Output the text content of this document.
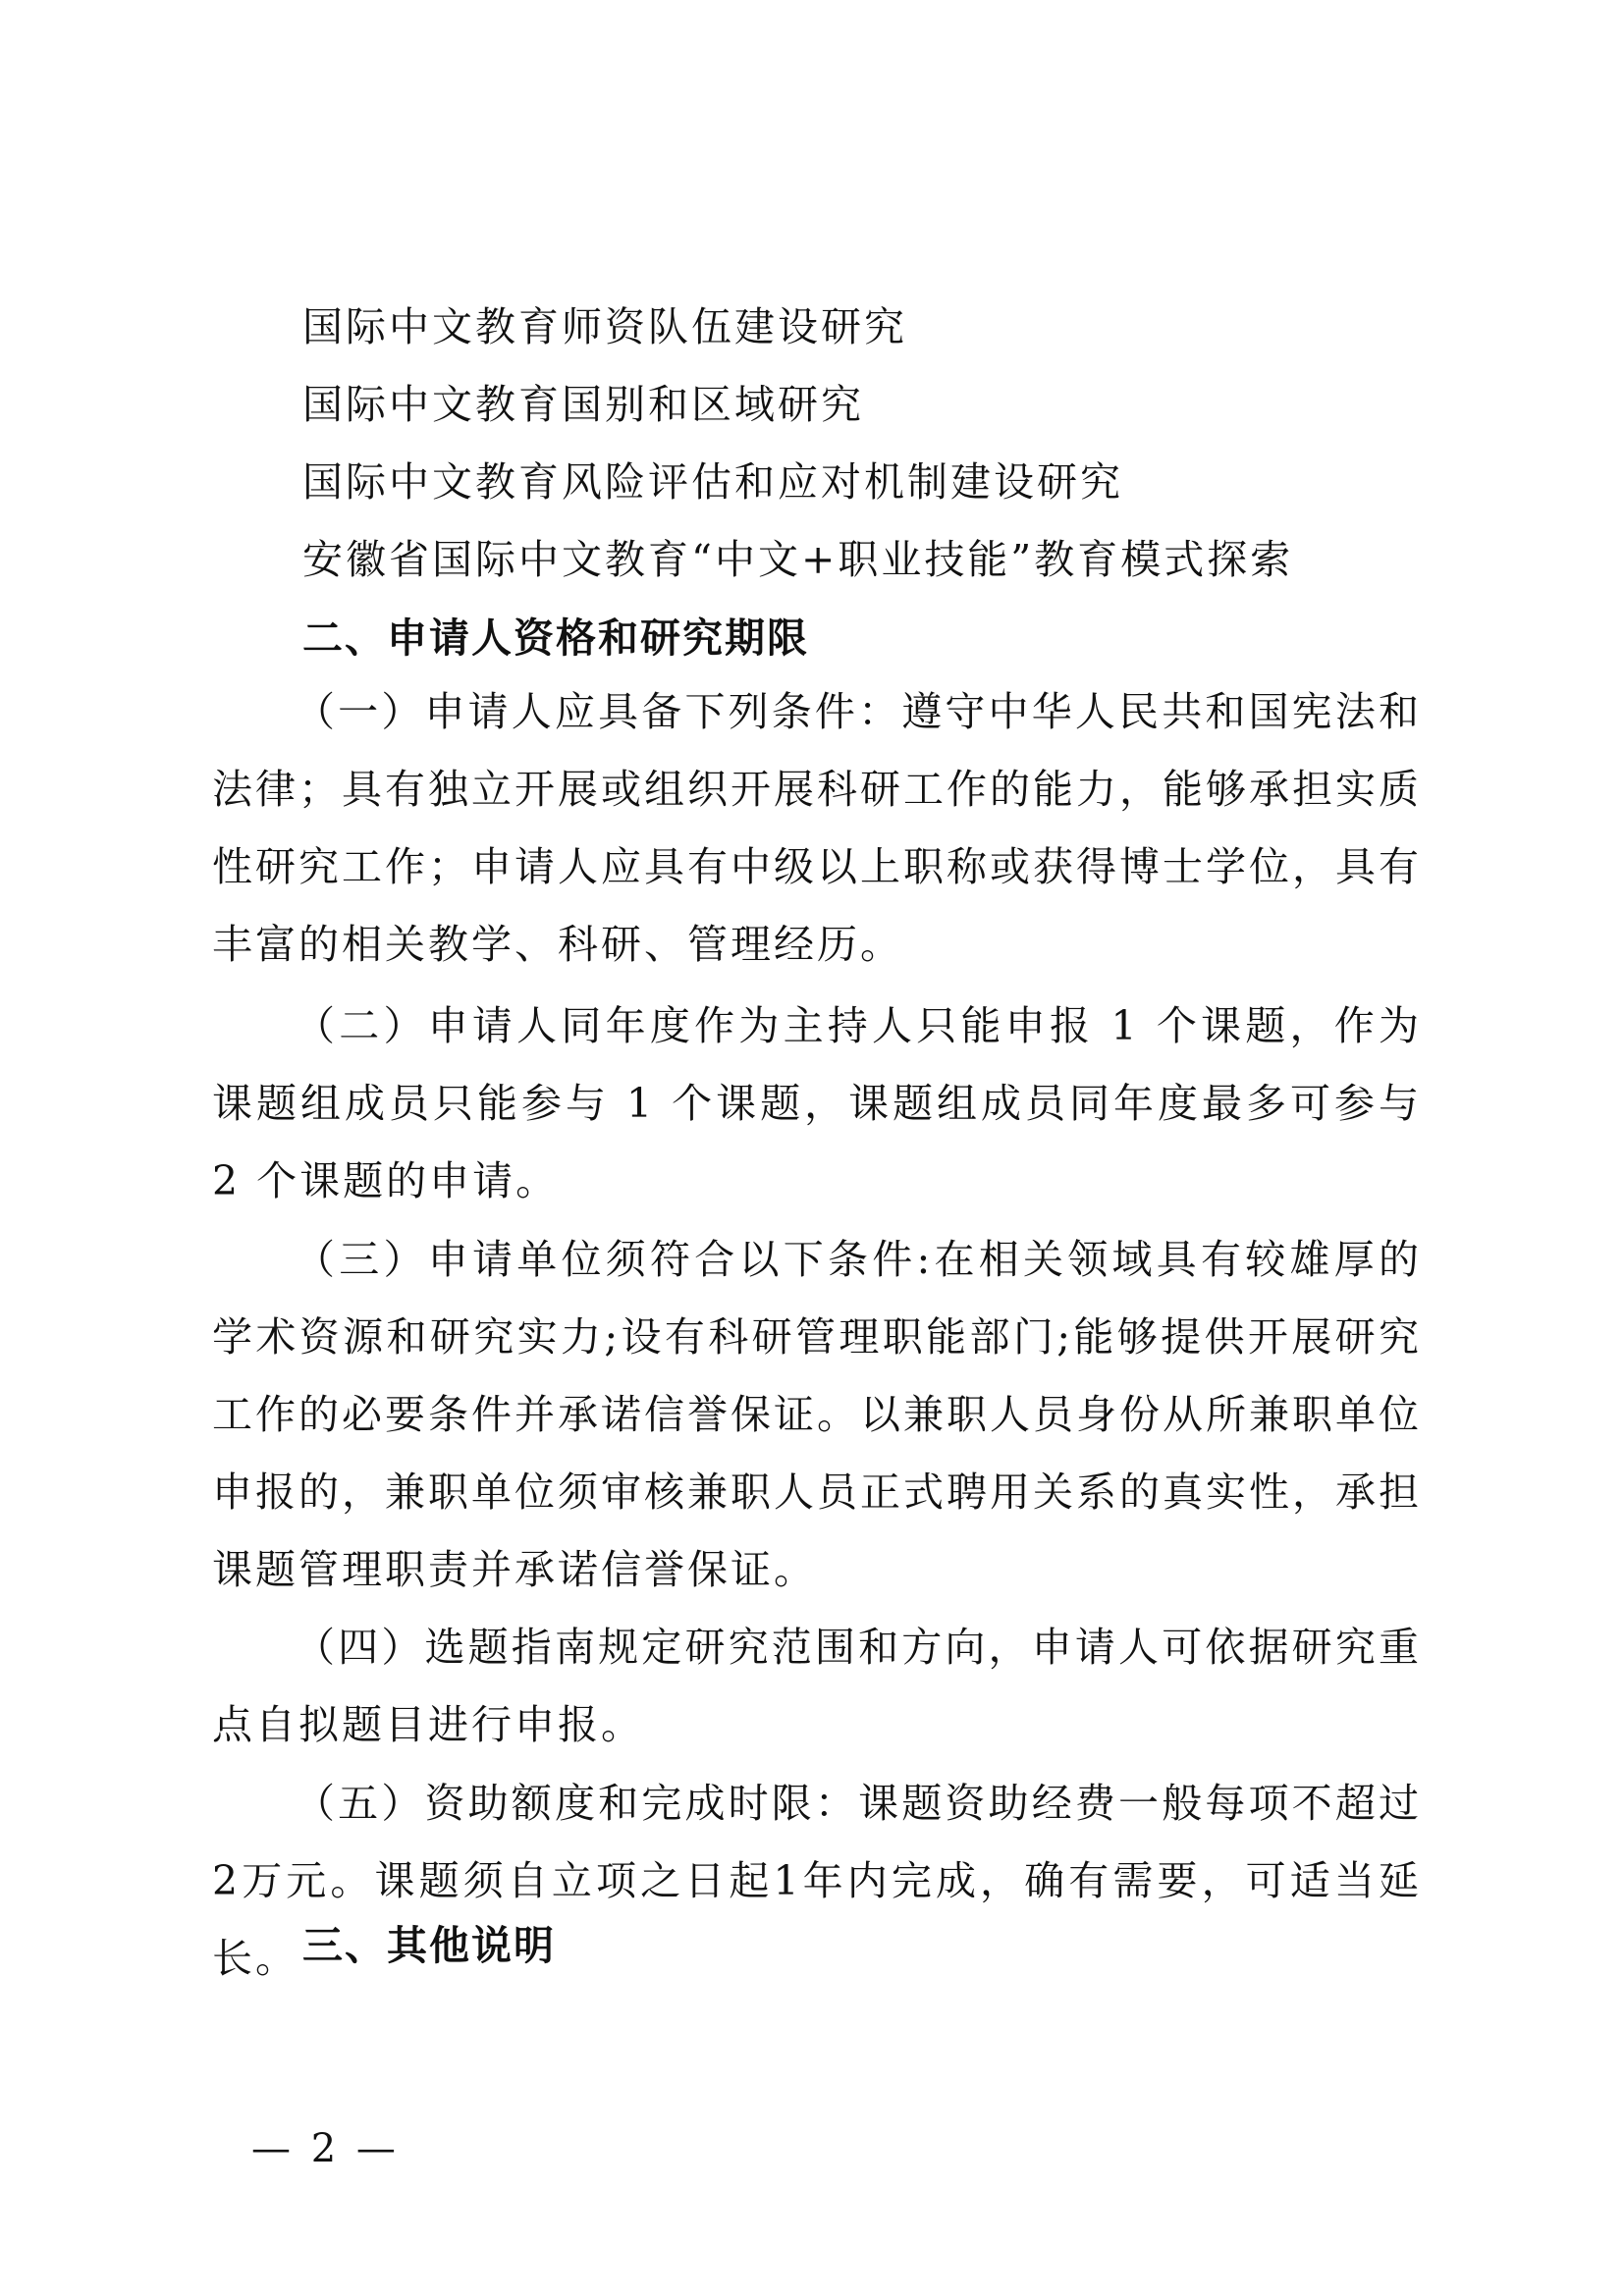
国际中文教育师资队伍建设研究
国际中文教育国别和区域研究
国际中文教育风险评估和应对机制建设研究
安徽省国际中文教育“中文+职业技能”教育模式探索
二、申请人资格和研究期限

（一）申请人应具备下列条件：遵守中华人民共和国宪法和法律；具有独立开展或组织开展科研工作的能力，能够承担实质性研究工作；申请人应具有中级以上职称或获得博士学位，具有丰富的相关教学、科研、管理经历。

（二）申请人同年度作为主持人只能申报 1 个课题，作为课题组成员只能参与 1 个课题，课题组成员同年度最多可参与 2 个课题的申请。

（三）申请单位须符合以下条件:在相关领域具有较雄厚的学术资源和研究实力;设有科研管理职能部门;能够提供开展研究工作的必要条件并承诺信誉保证。以兼职人员身份从所兼职单位申报的，兼职单位须审核兼职人员正式聘用关系的真实性，承担课题管理职责并承诺信誉保证。

（四）选题指南规定研究范围和方向，申请人可依据研究重点自拟题目进行申报。

（五）资助额度和完成时限：课题资助经费一般每项不超过2万元。课题须自立项之日起1年内完成，确有需要，可适当延长。 三、其他说明
— 2 —
